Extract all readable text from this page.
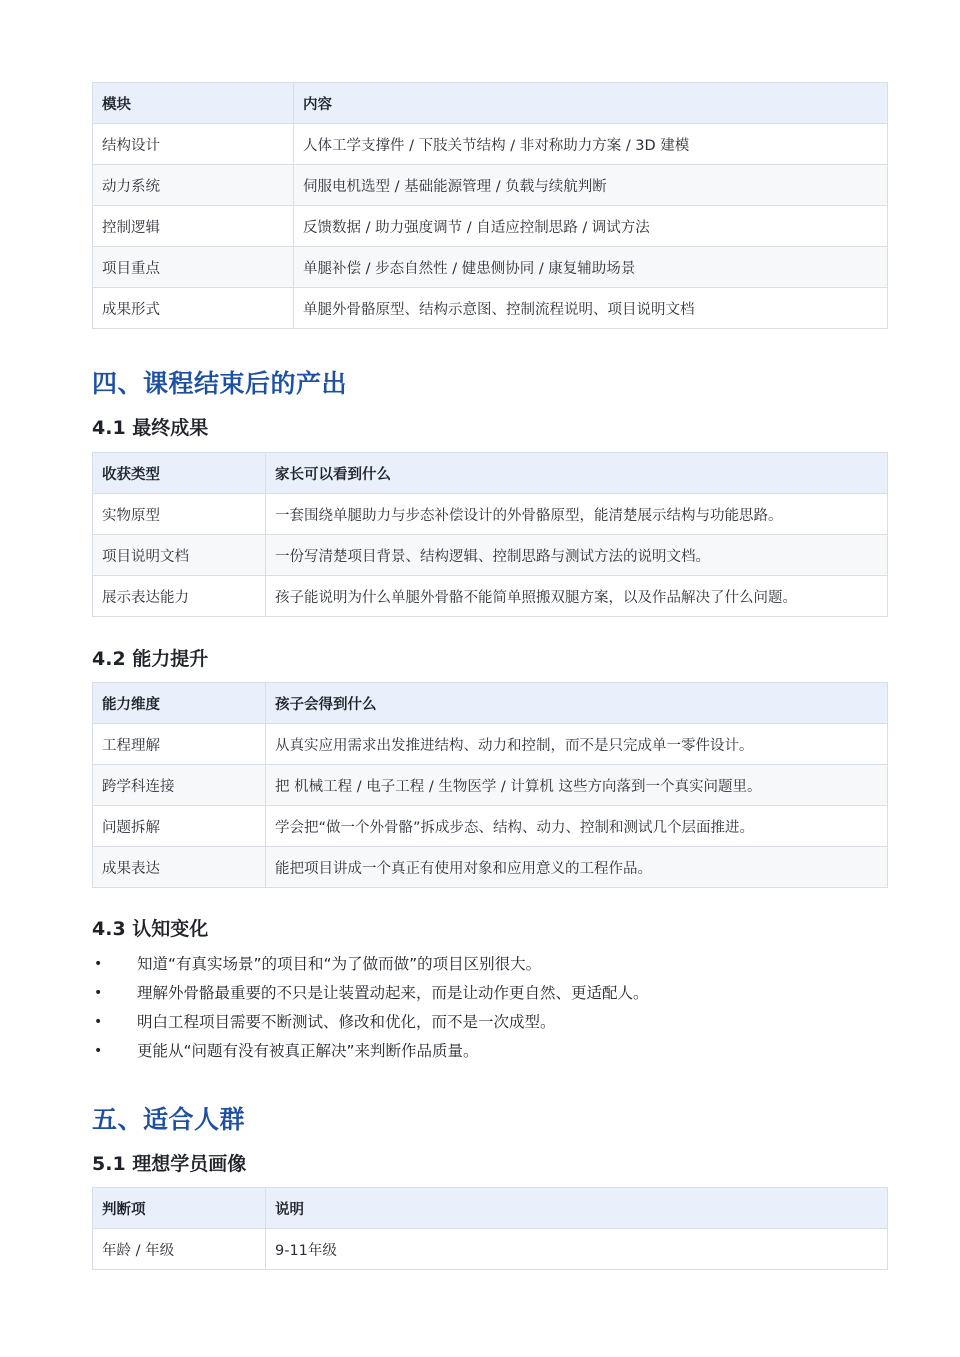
模块	内容
结构设计	人体工学支撑件 / 下肢关节结构 / 非对称助力方案 / 3D 建模
动力系统	伺服电机选型 / 基础能源管理 / 负载与续航判断
控制逻辑	反馈数据 / 助力强度调节 / 自适应控制思路 / 调试方法
项目重点	单腿补偿 / 步态自然性 / 健患侧协同 / 康复辅助场景
成果形式	单腿外骨骼原型、结构示意图、控制流程说明、项目说明文档
四、课程结束后的产出
4.1 最终成果
收获类型	家长可以看到什么
实物原型	一套围绕单腿助力与步态补偿设计的外骨骼原型，能清楚展示结构与功能思路。
项目说明文档	一份写清楚项目背景、结构逻辑、控制思路与测试方法的说明文档。
展示表达能力	孩子能说明为什么单腿外骨骼不能简单照搬双腿方案，以及作品解决了什么问题。
4.2 能力提升
能力维度	孩子会得到什么
工程理解	从真实应用需求出发推进结构、动力和控制，而不是只完成单一零件设计。
跨学科连接	把 机械工程 / 电子工程 / 生物医学 / 计算机 这些方向落到一个真实问题里。
问题拆解	学会把“做一个外骨骼”拆成步态、结构、动力、控制和测试几个层面推进。
成果表达	能把项目讲成一个真正有使用对象和应用意义的工程作品。
4.3 认知变化
• 知道“有真实场景”的项目和“为了做而做”的项目区别很大。
• 理解外骨骼最重要的不只是让装置动起来，而是让动作更自然、更适配人。
• 明白工程项目需要不断测试、修改和优化，而不是一次成型。
• 更能从“问题有没有被真正解决”来判断作品质量。
五、适合人群
5.1 理想学员画像
判断项	说明
年龄 / 年级	9-11年级
